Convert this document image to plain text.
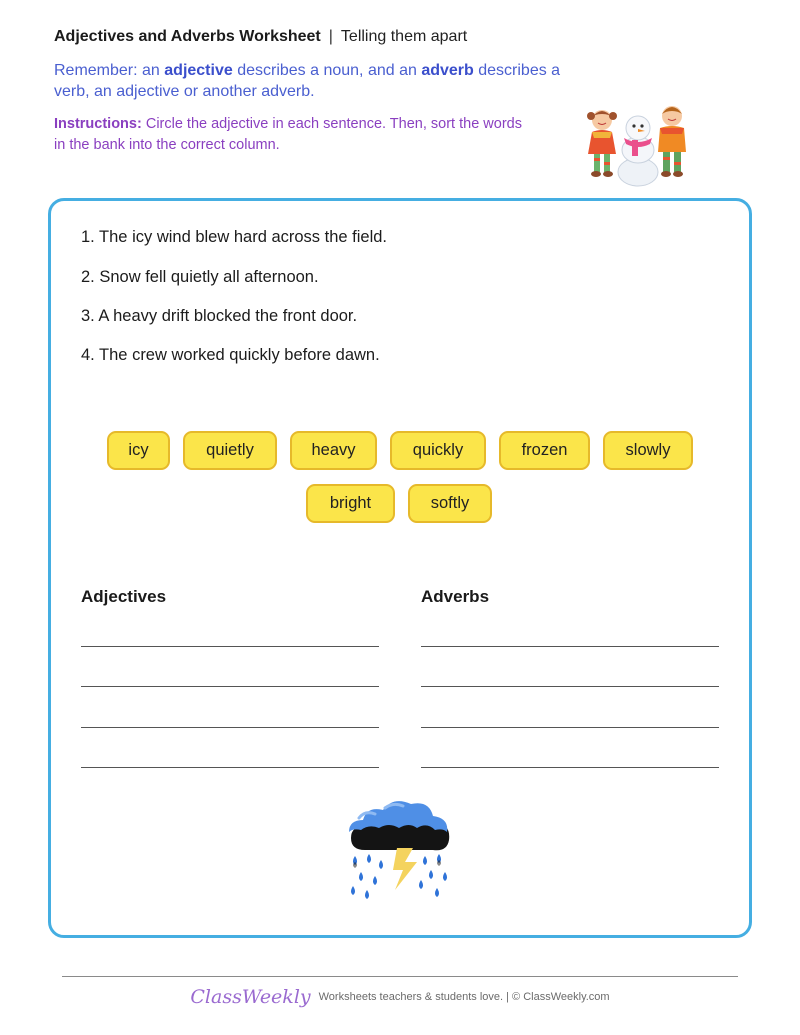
Adjectives and Adverbs Worksheet | Telling them apart
Remember: an adjective describes a noun, and an adverb describes a verb, an adjective or another adverb.
Instructions: Circle the adjective in each sentence. Then, sort the words in the bank into the correct column.
1. The icy wind blew hard across the field.
2. Snow fell quietly all afternoon.
3. A heavy drift blocked the front door.
4. The crew worked quickly before dawn.
icy	quietly	heavy	quickly	frozen	slowly
bright	softly
Adjectives	Adverbs
ClassWeekly Worksheets teachers & students love. | © ClassWeekly.com
